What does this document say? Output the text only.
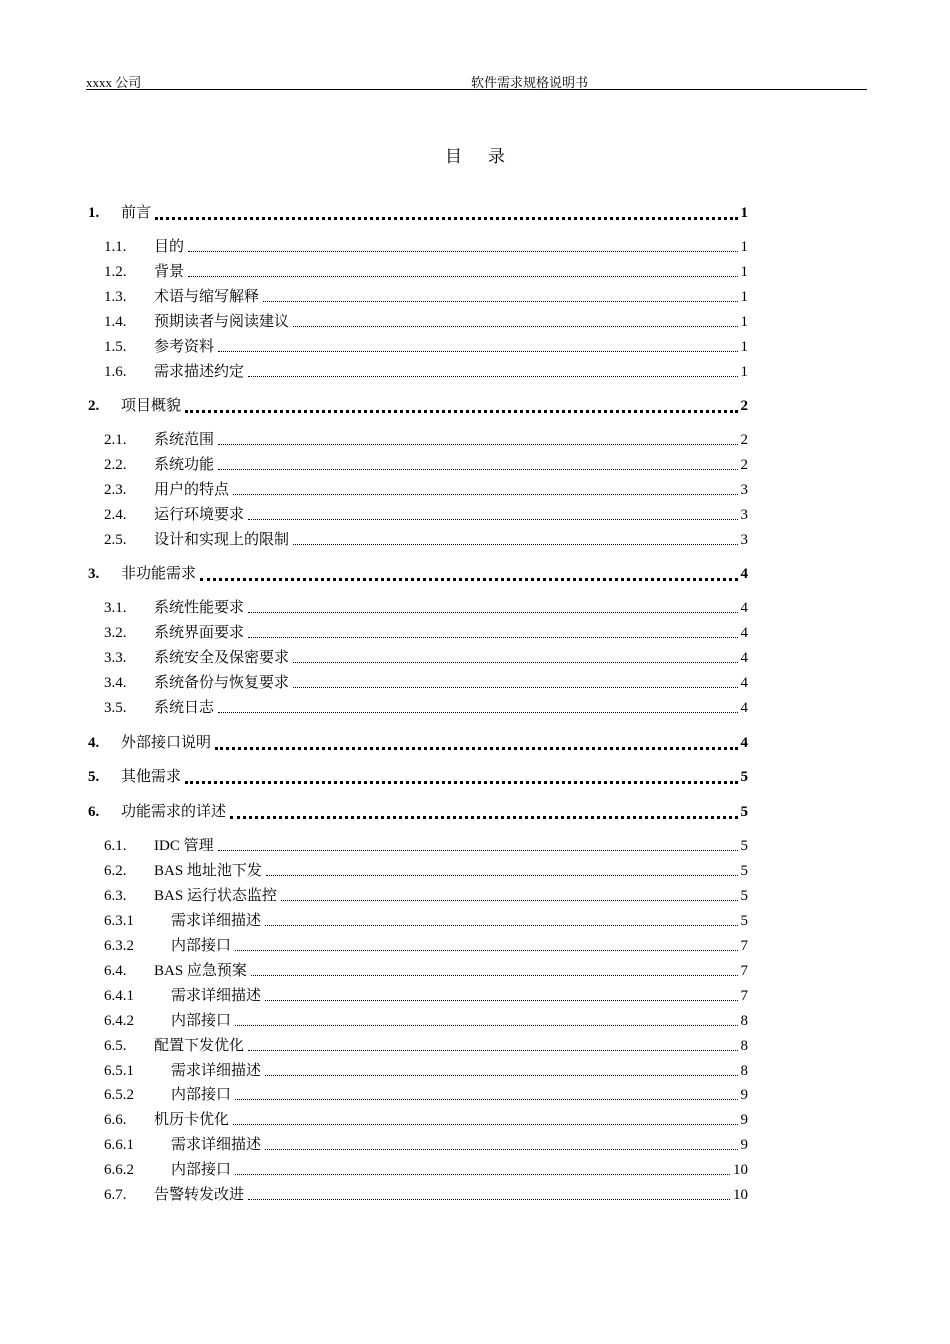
xxxx 公司	软件需求规格说明书
目录
1. 前言	1
1.1. 目的	1
1.2. 背景	1
1.3. 术语与缩写解释	1
1.4. 预期读者与阅读建议	1
1.5. 参考资料	1
1.6. 需求描述约定	1
2. 项目概貌	2
2.1. 系统范围	2
2.2. 系统功能	2
2.3. 用户的特点	3
2.4. 运行环境要求	3
2.5. 设计和实现上的限制	3
3. 非功能需求	4
3.1. 系统性能要求	4
3.2. 系统界面要求	4
3.3. 系统安全及保密要求	4
3.4. 系统备份与恢复要求	4
3.5. 系统日志	4
4. 外部接口说明	4
5. 其他需求	5
6. 功能需求的详述	5
6.1. IDC 管理	5
6.2. BAS 地址池下发	5
6.3. BAS 运行状态监控	5
6.3.1 需求详细描述	5
6.3.2 内部接口	7
6.4. BAS 应急预案	7
6.4.1 需求详细描述	7
6.4.2 内部接口	8
6.5. 配置下发优化	8
6.5.1 需求详细描述	8
6.5.2 内部接口	9
6.6. 机历卡优化	9
6.6.1 需求详细描述	9
6.6.2 内部接口	10
6.7. 告警转发改进	10
